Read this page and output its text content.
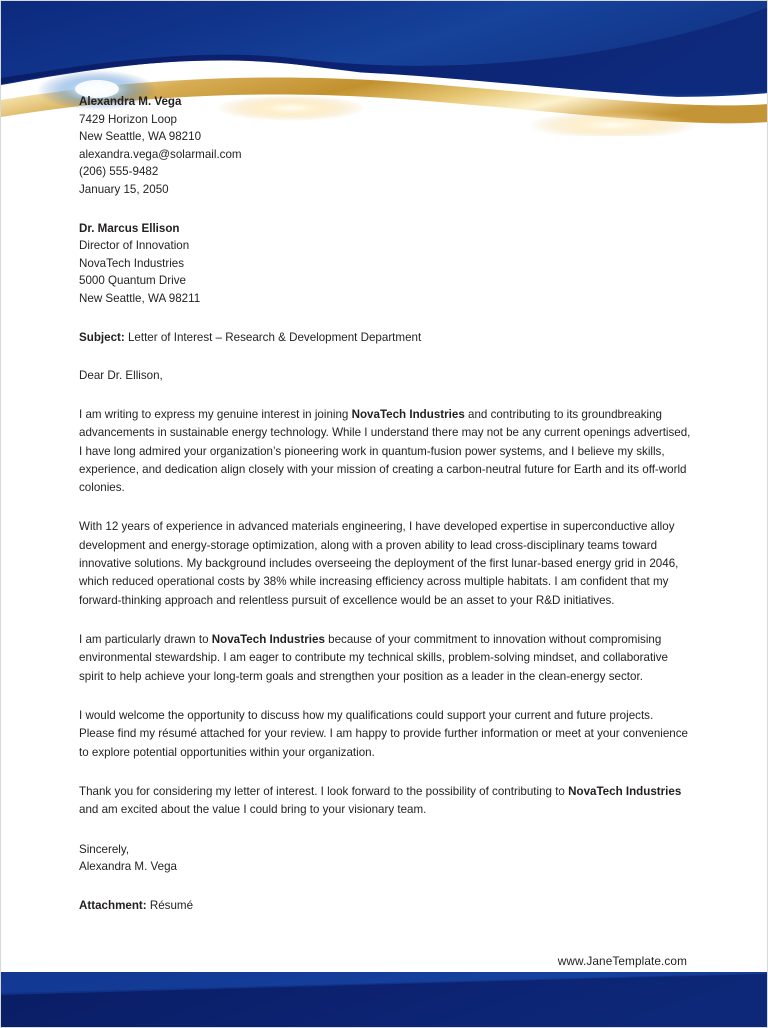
Alexandra M. Vega
7429 Horizon Loop
New Seattle, WA 98210
alexandra.vega@solarmail.com
(206) 555-9482
January 15, 2050
Dr. Marcus Ellison
Director of Innovation
NovaTech Industries
5000 Quantum Drive
New Seattle, WA 98211
Subject: Letter of Interest – Research & Development Department
Dear Dr. Ellison,

I am writing to express my genuine interest in joining NovaTech Industries and contributing to its groundbreaking advancements in sustainable energy technology. While I understand there may not be any current openings advertised, I have long admired your organization’s pioneering work in quantum-fusion power systems, and I believe my skills, experience, and dedication align closely with your mission of creating a carbon-neutral future for Earth and its off-world colonies.

With 12 years of experience in advanced materials engineering, I have developed expertise in superconductive alloy development and energy-storage optimization, along with a proven ability to lead cross-disciplinary teams toward innovative solutions. My background includes overseeing the deployment of the first lunar-based energy grid in 2046, which reduced operational costs by 38% while increasing efficiency across multiple habitats. I am confident that my forward-thinking approach and relentless pursuit of excellence would be an asset to your R&D initiatives.

I am particularly drawn to NovaTech Industries because of your commitment to innovation without compromising environmental stewardship. I am eager to contribute my technical skills, problem-solving mindset, and collaborative spirit to help achieve your long-term goals and strengthen your position as a leader in the clean-energy sector.

I would welcome the opportunity to discuss how my qualifications could support your current and future projects. Please find my résumé attached for your review. I am happy to provide further information or meet at your convenience to explore potential opportunities within your organization.

Thank you for considering my letter of interest. I look forward to the possibility of contributing to NovaTech Industries and am excited about the value I could bring to your visionary team.

Sincerely,
Alexandra M. Vega
Attachment: Résumé
www.JaneTemplate.com
